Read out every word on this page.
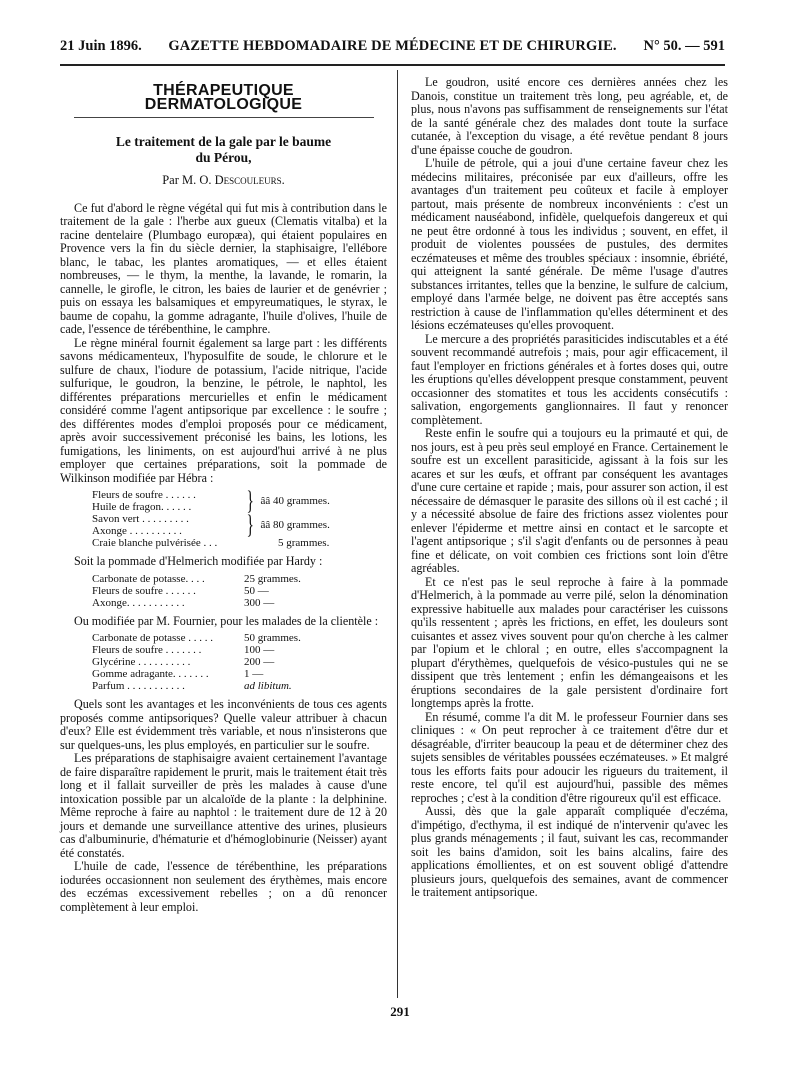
21 Juin 1896.	GAZETTE HEBDOMADAIRE DE MÉDECINE ET DE CHIRURGIE.	N° 50. — 591
THÉRAPEUTIQUE DERMATOLOGIQUE
Le traitement de la gale par le baume
du Pérou,
Par M. O. Descouleurs.

Ce fut d'abord le règne végétal qui fut mis à contribution dans le traitement de la gale : l'herbe aux gueux (Clematis vitalba) et la racine dentelaire (Plumbago europæa), qui étaient populaires en Provence vers la fin du siècle dernier, la staphisaigre, l'ellébore blanc, le tabac, les plantes aromatiques, — et elles étaient nombreuses, — le thym, la menthe, la lavande, le romarin, la cannelle, le girofle, le citron, les baies de laurier et de genévrier ; puis on essaya les balsamiques et empyreumatiques, le styrax, le baume de copahu, la gomme adragante, l'huile d'olives, l'huile de cade, l'essence de térébenthine, le camphre.

Le règne minéral fournit également sa large part : les différents savons médicamenteux, l'hyposulfite de soude, le chlorure et le sulfure de chaux, l'iodure de potassium, l'acide nitrique, l'acide sulfurique, le goudron, la benzine, le pétrole, le naphtol, les différentes préparations mercurielles et enfin le médicament considéré comme l'agent antipsorique par excellence : le soufre ; des différentes modes d'emploi proposés pour ce médicament, après avoir successivement préconisé les bains, les lotions, les fumigations, les liniments, on est aujourd'hui arrivé à ne plus employer que certaines préparations, soit la pommade de Wilkinson modifiée par Hébra :

Fleurs de soufre . . . . . .
Huile de fragon. . . . . .	} ââ 40 grammes.
Savon vert . . . . . . . . .
Axonge . . . . . . . . . .	} ââ 80 grammes.
Craie blanche pulvérisée . . .	5 grammes.

Soit la pommade d'Helmerich modifiée par Hardy :

Carbonate de potasse. . . .	25 grammes.
Fleurs de soufre . . . . . .	50 —
Axonge. . . . . . . . . . .	300 —

Ou modifiée par M. Fournier, pour les malades de la clientèle :

Carbonate de potasse . . . . .	50 grammes.
Fleurs de soufre . . . . . . .	100 —
Glycérine . . . . . . . . . .	200 —
Gomme adragante. . . . . . .	1 —
Parfum . . . . . . . . . . .	ad libitum.

Quels sont les avantages et les inconvénients de tous ces agents proposés comme antipsoriques? Quelle valeur attribuer à chacun d'eux? Elle est évidemment très variable, et nous n'insisterons que sur quelques-uns, les plus employés, en particulier sur le soufre.

Les préparations de staphisaigre avaient certainement l'avantage de faire disparaître rapidement le prurit, mais le traitement était très long et il fallait surveiller de près les malades à cause d'une intoxication possible par un alcaloïde de la plante : la delphinine. Même reproche à faire au naphtol : le traitement dure de 12 à 20 jours et demande une surveillance attentive des urines, plusieurs cas d'albuminurie, d'hématurie et d'hémoglobinurie (Neisser) ayant été constatés.

L'huile de cade, l'essence de térébenthine, les préparations iodurées occasionnent non seulement des érythèmes, mais encore des eczémas excessivement rebelles ; on a dû renoncer complètement à leur emploi.

Le goudron, usité encore ces dernières années chez les Danois, constitue un traitement très long, peu agréable, et, de plus, nous n'avons pas suffisamment de renseignements sur l'état de la santé générale chez des malades dont toute la surface cutanée, à l'exception du visage, a été revêtue pendant 8 jours d'une épaisse couche de goudron.

L'huile de pétrole, qui a joui d'une certaine faveur chez les médecins militaires, préconisée par eux d'ailleurs, offre les avantages d'un traitement peu coûteux et facile à employer partout, mais présente de nombreux inconvénients : c'est un médicament nauséabond, infidèle, quelquefois dangereux et qui ne peut être ordonné à tous les individus ; souvent, en effet, il produit de violentes poussées de pustules, des dermites eczémateuses et même des troubles spéciaux : insomnie, ébriété, qui atteignent la santé générale. De même l'usage d'autres substances irritantes, telles que la benzine, le sulfure de calcium, employé dans l'armée belge, ne doivent pas être acceptés sans restriction à cause de l'inflammation qu'elles déterminent et des lésions eczémateuses qu'elles provoquent.

Le mercure a des propriétés parasiticides indiscutables et a été souvent recommandé autrefois ; mais, pour agir efficacement, il faut l'employer en frictions générales et à fortes doses qui, outre les éruptions qu'elles développent presque constamment, peuvent occasionner des stomatites et tous les accidents consécutifs : salivation, engorgements ganglionnaires. Il faut y renoncer complètement.

Reste enfin le soufre qui a toujours eu la primauté et qui, de nos jours, est à peu près seul employé en France. Certainement le soufre est un excellent parasiticide, agissant à la fois sur les acares et sur les œufs, et offrant par conséquent les avantages d'une cure certaine et rapide ; mais, pour assurer son action, il est nécessaire de démasquer le parasite des sillons où il est caché ; il y a nécessité absolue de faire des frictions assez violentes pour enlever l'épiderme et mettre ainsi en contact et le sarcopte et l'agent antipsorique ; s'il s'agit d'enfants ou de personnes à peau fine et délicate, on voit combien ces frictions sont loin d'être agréables.

Et ce n'est pas le seul reproche à faire à la pommade d'Helmerich, à la pommade au verre pilé, selon la dénomination expressive habituelle aux malades pour caractériser les cuissons qu'ils ressentent ; après les frictions, en effet, les douleurs sont cuisantes et assez vives souvent pour qu'on cherche à les calmer par l'opium et le chloral ; en outre, elles s'accompagnent la plupart d'érythèmes, quelquefois de vésico-pustules qui ne se dissipent que très lentement ; enfin les démangeaisons et les éruptions secondaires de la gale persistent d'ordinaire fort longtemps après la frotte.

En résumé, comme l'a dit M. le professeur Fournier dans ses cliniques : « On peut reprocher à ce traitement d'être dur et désagréable, d'irriter beaucoup la peau et de déterminer chez des sujets sensibles de véritables poussées eczémateuses. » Et malgré tous les efforts faits pour adoucir les rigueurs du traitement, il reste encore, tel qu'il est aujourd'hui, passible des mêmes reproches ; c'est à la condition d'être rigoureux qu'il est efficace.

Aussi, dès que la gale apparaît compliquée d'eczéma, d'impétigo, d'ecthyma, il est indiqué de n'intervenir qu'avec les plus grands ménagements ; il faut, suivant les cas, recommander soit les bains d'amidon, soit les bains alcalins, faire des applications émollientes, et on est souvent obligé d'attendre plusieurs jours, quelquefois des semaines, avant de commencer le traitement antipsorique.

291
